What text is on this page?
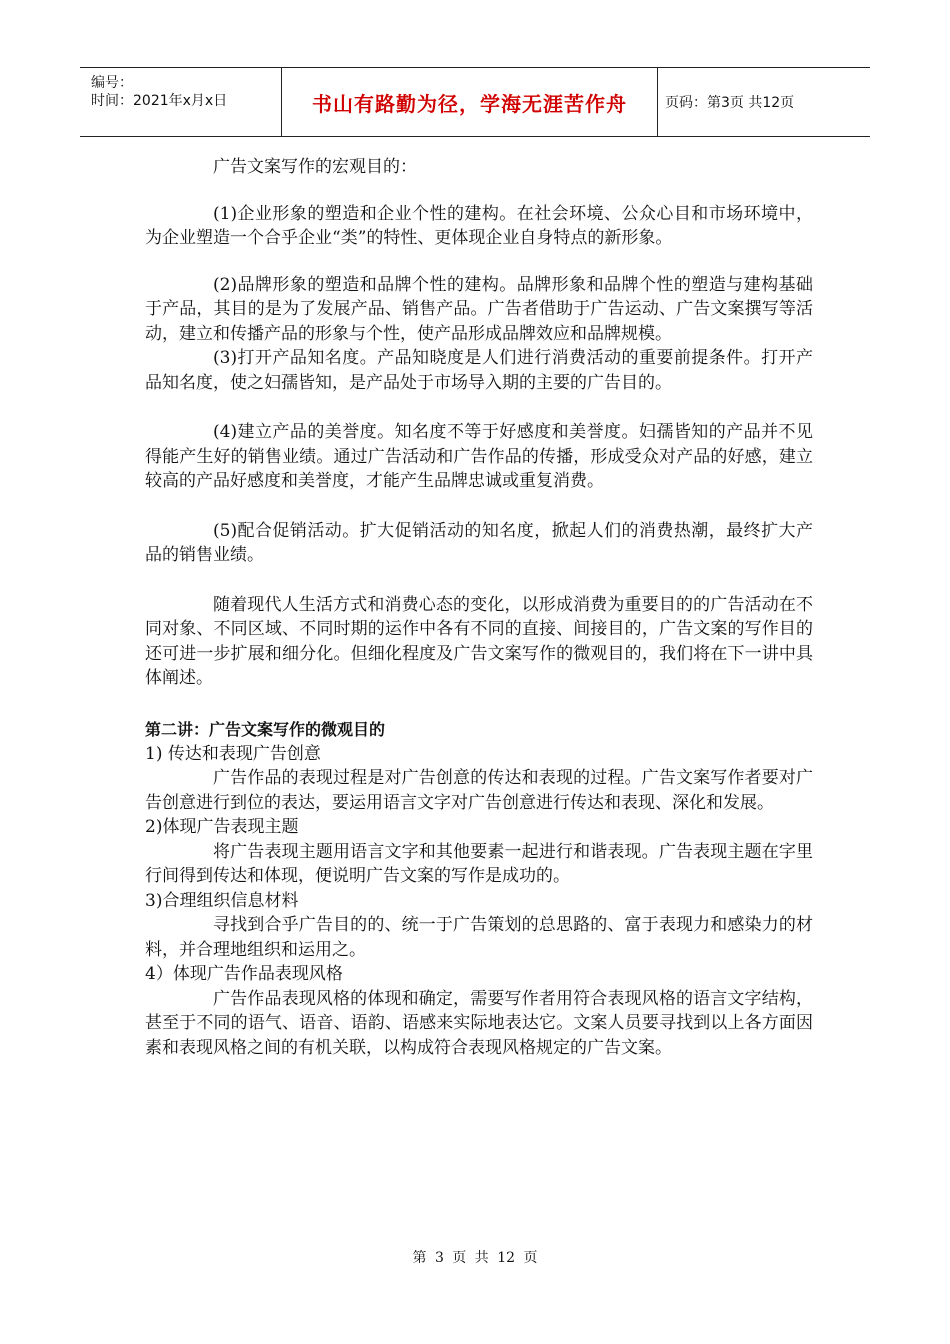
编号：
时间：2021年x月x日	书山有路勤为径，学海无涯苦作舟	页码：第3页 共12页

广告文案写作的宏观目的：

(1)企业形象的塑造和企业个性的建构。在社会环境、公众心目和市场环境中，为企业塑造一个合乎企业“类”的特性、更体现企业自身特点的新形象。

(2)品牌形象的塑造和品牌个性的建构。品牌形象和品牌个性的塑造与建构基础于产品，其目的是为了发展产品、销售产品。广告者借助于广告运动、广告文案撰写等活动，建立和传播产品的形象与个性，使产品形成品牌效应和品牌规模。

(3)打开产品知名度。产品知晓度是人们进行消费活动的重要前提条件。打开产品知名度，使之妇孺皆知，是产品处于市场导入期的主要的广告目的。

(4)建立产品的美誉度。知名度不等于好感度和美誉度。妇孺皆知的产品并不见得能产生好的销售业绩。通过广告活动和广告作品的传播，形成受众对产品的好感，建立较高的产品好感度和美誉度，才能产生品牌忠诚或重复消费。

(5)配合促销活动。扩大促销活动的知名度，掀起人们的消费热潮，最终扩大产品的销售业绩。

随着现代人生活方式和消费心态的变化，以形成消费为重要目的的广告活动在不同对象、不同区域、不同时期的运作中各有不同的直接、间接目的，广告文案的写作目的还可进一步扩展和细分化。但细化程度及广告文案写作的微观目的，我们将在下一讲中具体阐述。

第二讲：广告文案写作的微观目的

1) 传达和表现广告创意

广告作品的表现过程是对广告创意的传达和表现的过程。广告文案写作者要对广告创意进行到位的表达，要运用语言文字对广告创意进行传达和表现、深化和发展。

2)体现广告表现主题

将广告表现主题用语言文字和其他要素一起进行和谐表现。广告表现主题在字里行间得到传达和体现，便说明广告文案的写作是成功的。

3)合理组织信息材料

寻找到合乎广告目的的、统一于广告策划的总思路的、富于表现力和感染力的材料，并合理地组织和运用之。

4）体现广告作品表现风格

广告作品表现风格的体现和确定，需要写作者用符合表现风格的语言文字结构，甚至于不同的语气、语音、语韵、语感来实际地表达它。文案人员要寻找到以上各方面因素和表现风格之间的有机关联，以构成符合表现风格规定的广告文案。

第 3 页 共 12 页
